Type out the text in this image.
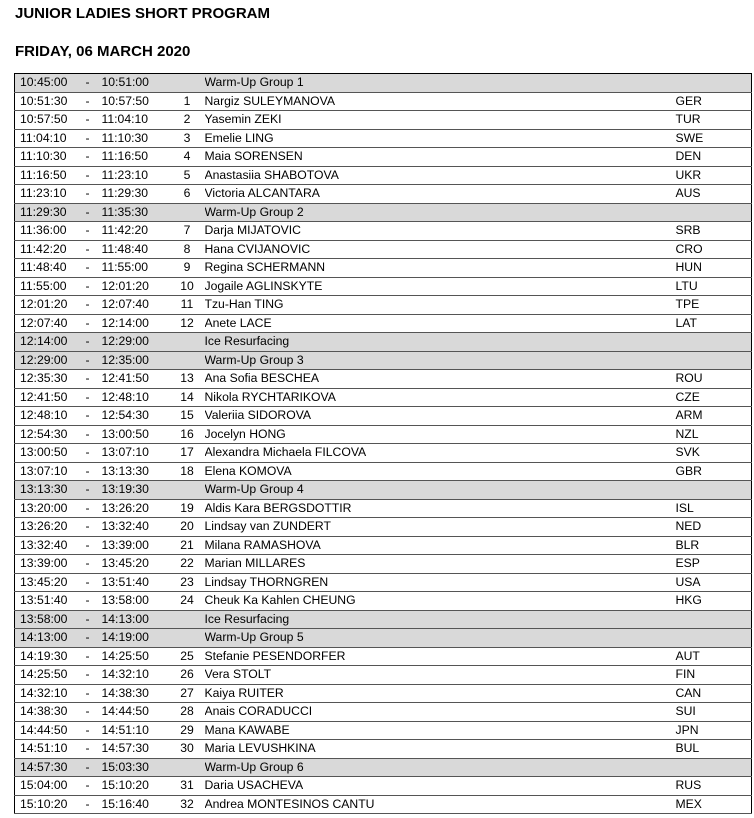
JUNIOR LADIES SHORT PROGRAM
FRIDAY, 06 MARCH 2020
10:45:00	-	10:51:00		Warm-Up Group 1	
10:51:30	-	10:57:50	1	Nargiz SULEYMANOVA	GER
10:57:50	-	11:04:10	2	Yasemin ZEKI	TUR
11:04:10	-	11:10:30	3	Emelie LING	SWE
11:10:30	-	11:16:50	4	Maia SORENSEN	DEN
11:16:50	-	11:23:10	5	Anastasiia SHABOTOVA	UKR
11:23:10	-	11:29:30	6	Victoria ALCANTARA	AUS
11:29:30	-	11:35:30		Warm-Up Group 2	
11:36:00	-	11:42:20	7	Darja MIJATOVIC	SRB
11:42:20	-	11:48:40	8	Hana CVIJANOVIC	CRO
11:48:40	-	11:55:00	9	Regina SCHERMANN	HUN
11:55:00	-	12:01:20	10	Jogaile AGLINSKYTE	LTU
12:01:20	-	12:07:40	11	Tzu-Han TING	TPE
12:07:40	-	12:14:00	12	Anete LACE	LAT
12:14:00	-	12:29:00		Ice Resurfacing	
12:29:00	-	12:35:00		Warm-Up Group 3	
12:35:30	-	12:41:50	13	Ana Sofia BESCHEA	ROU
12:41:50	-	12:48:10	14	Nikola RYCHTARIKOVA	CZE
12:48:10	-	12:54:30	15	Valeriia SIDOROVA	ARM
12:54:30	-	13:00:50	16	Jocelyn HONG	NZL
13:00:50	-	13:07:10	17	Alexandra Michaela FILCOVA	SVK
13:07:10	-	13:13:30	18	Elena KOMOVA	GBR
13:13:30	-	13:19:30		Warm-Up Group 4	
13:20:00	-	13:26:20	19	Aldis Kara BERGSDOTTIR	ISL
13:26:20	-	13:32:40	20	Lindsay van ZUNDERT	NED
13:32:40	-	13:39:00	21	Milana RAMASHOVA	BLR
13:39:00	-	13:45:20	22	Marian MILLARES	ESP
13:45:20	-	13:51:40	23	Lindsay THORNGREN	USA
13:51:40	-	13:58:00	24	Cheuk Ka Kahlen CHEUNG	HKG
13:58:00	-	14:13:00		Ice Resurfacing	
14:13:00	-	14:19:00		Warm-Up Group 5	
14:19:30	-	14:25:50	25	Stefanie PESENDORFER	AUT
14:25:50	-	14:32:10	26	Vera STOLT	FIN
14:32:10	-	14:38:30	27	Kaiya RUITER	CAN
14:38:30	-	14:44:50	28	Anais CORADUCCI	SUI
14:44:50	-	14:51:10	29	Mana KAWABE	JPN
14:51:10	-	14:57:30	30	Maria LEVUSHKINA	BUL
14:57:30	-	15:03:30		Warm-Up Group 6	
15:04:00	-	15:10:20	31	Daria USACHEVA	RUS
15:10:20	-	15:16:40	32	Andrea MONTESINOS CANTU	MEX
